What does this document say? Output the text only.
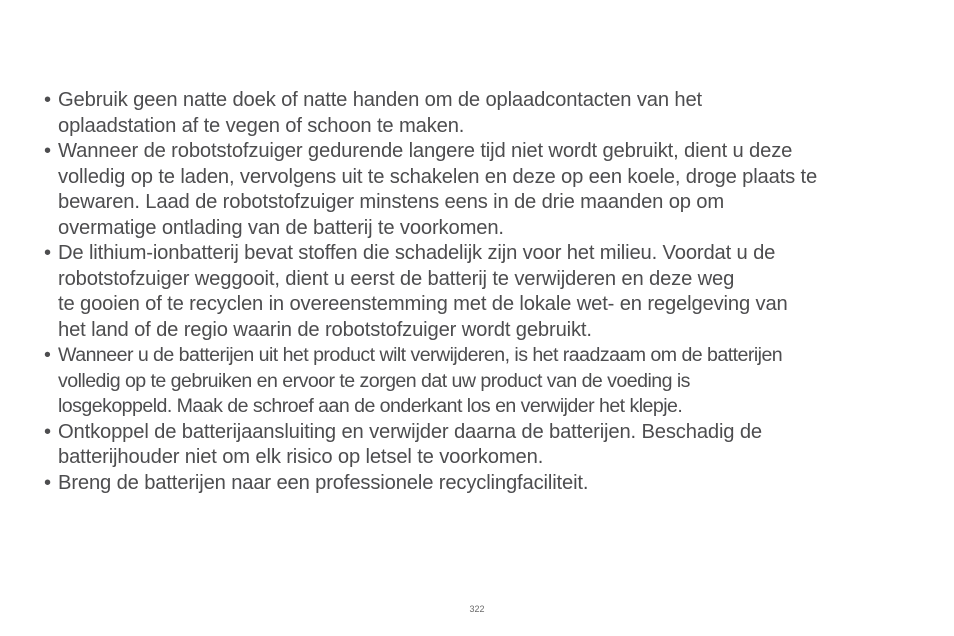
• Gebruik geen natte doek of natte handen om de oplaadcontacten van het
oplaadstation af te vegen of schoon te maken.
• Wanneer de robotstofzuiger gedurende langere tijd niet wordt gebruikt, dient u deze
volledig op te laden, vervolgens uit te schakelen en deze op een koele, droge plaats te
bewaren. Laad de robotstofzuiger minstens eens in de drie maanden op om
overmatige ontlading van de batterij te voorkomen.
• De lithium-ionbatterij bevat stoffen die schadelijk zijn voor het milieu. Voordat u de
robotstofzuiger weggooit, dient u eerst de batterij te verwijderen en deze weg
te gooien of te recyclen in overeenstemming met de lokale wet- en regelgeving van
het land of de regio waarin de robotstofzuiger wordt gebruikt.
• Wanneer u de batterijen uit het product wilt verwijderen, is het raadzaam om de batterijen
volledig op te gebruiken en ervoor te zorgen dat uw product van de voeding is
losgekoppeld. Maak de schroef aan de onderkant los en verwijder het klepje.
• Ontkoppel de batterijaansluiting en verwijder daarna de batterijen. Beschadig de
batterijhouder niet om elk risico op letsel te voorkomen.
• Breng de batterijen naar een professionele recyclingfaciliteit.
322
